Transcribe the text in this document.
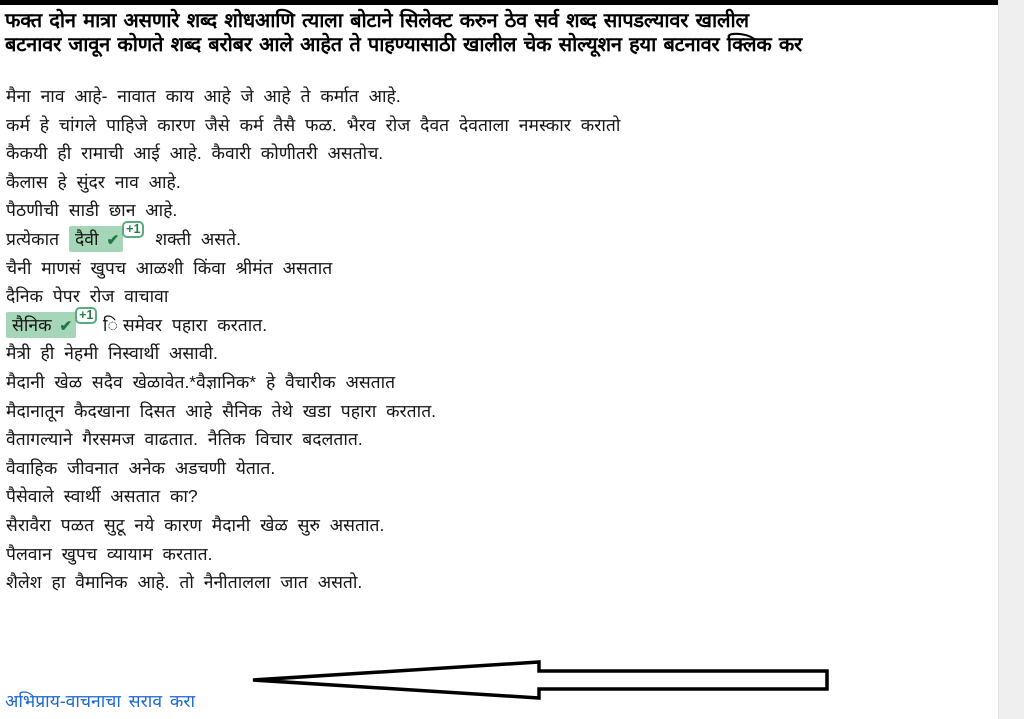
फक्त दोन मात्रा असणारे शब्द शोधआणि त्याला बोटाने सिलेक्ट करुन ठेव सर्व शब्द सापडल्यावर खालील
बटनावर जावून कोणते शब्द बरोबर आले आहेत ते पाहण्यासाठी खालील चेक सोल्यूशन हया बटनावर क्लिक कर
मैना नाव आहे- नावात काय आहे जे आहे ते कर्मात आहे.
कर्म हे चांगले पाहिजे कारण जैसे कर्म तैसै फळ. भैरव रोज दैवत देवताला नमस्कार करातो
कैकयी ही रामाची आई आहे. कैवारी कोणीतरी असतोच.
कैलास हे सुंदर नाव आहे.
पैठणीची साडी छान आहे.
प्रत्येकात दैवी ✔+1 शक्ती असते.
चैनी माणसं खुपच आळशी किंवा श्रीमंत असतात
दैनिक पेपर रोज वाचावा
सैनिक ✔+1 िसमेवर पहारा करतात.
मैत्री ही नेहमी निस्वार्थी असावी.
मैदानी खेळ सदैव खेळावेत.*वैज्ञानिक* हे वैचारीक असतात
मैदानातून कैदखाना दिसत आहे सैनिक तेथे खडा पहारा करतात.
वैतागल्याने गैरसमज वाढतात. नैतिक विचार बदलतात.
वैवाहिक जीवनात अनेक अडचणी येतात.
पैसेवाले स्वार्थी असतात का?
सैरावैरा पळत सुटू नये कारण मैदानी खेळ सुरु असतात.
पैलवान खुपच व्यायाम करतात.
शैलेश हा वैमानिक आहे. तो नैनीतालला जात असतो.
अभिप्राय-वाचनाचा सराव करा
